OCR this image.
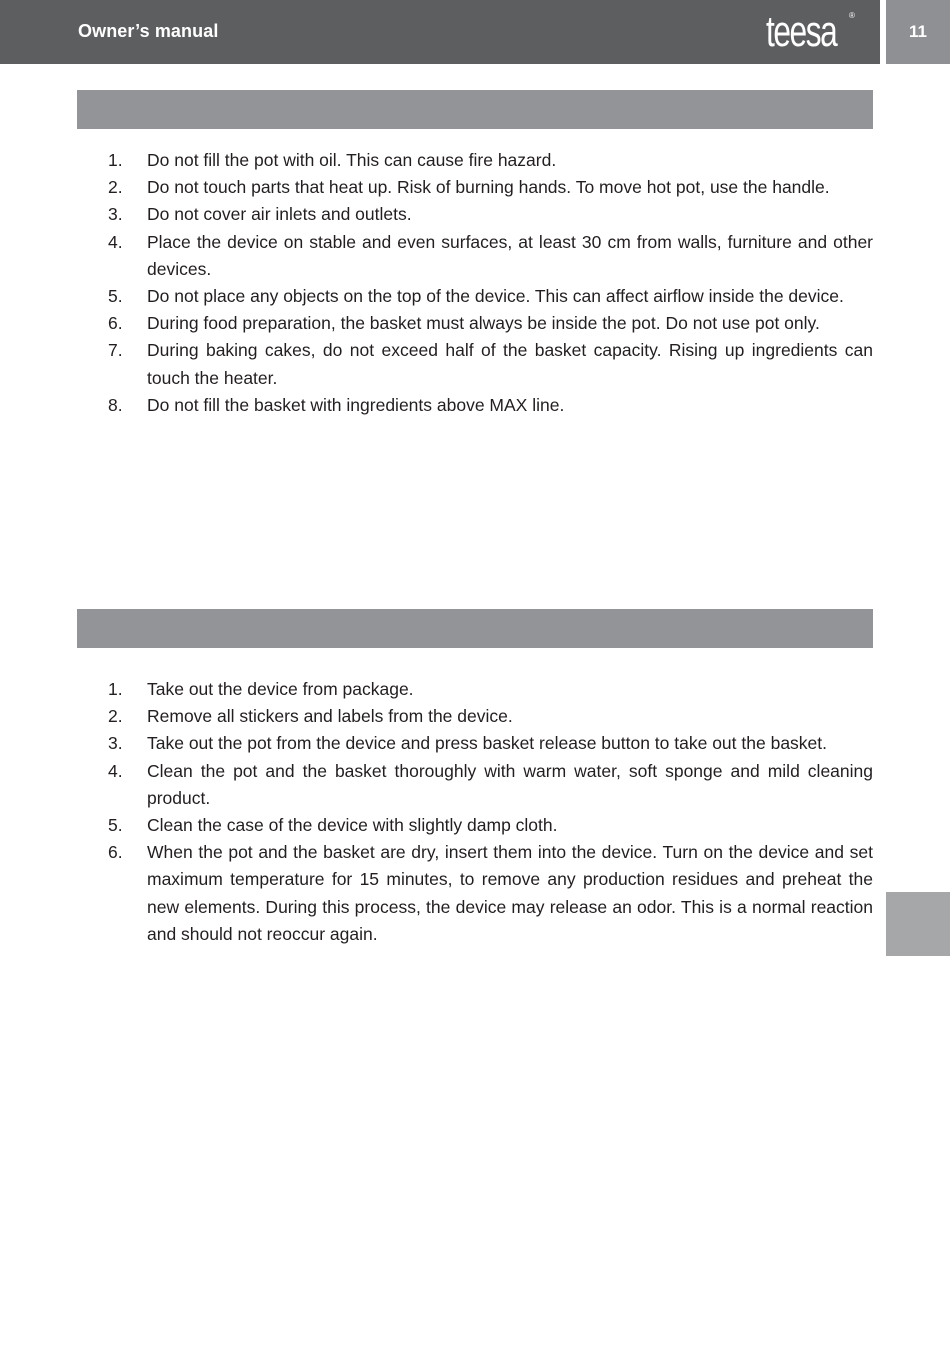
Owner’s manual	teesa ®
11
1.	Do not fill the pot with oil. This can cause fire hazard.
2.	Do not touch parts that heat up. Risk of burning hands. To move hot pot, use the handle.
3.	Do not cover air inlets and outlets.
4.	Place the device on stable and even surfaces, at least 30 cm from walls, furniture and other devices.
5.	Do not place any objects on the top of the device. This can affect airflow inside the device.
6.	During food preparation, the basket must always be inside the pot. Do not use pot only.
7.	During baking cakes, do not exceed half of the basket capacity. Rising up ingredients can touch the heater.
8.	Do not fill the basket with ingredients above MAX line.
1.	Take out the device from package.
2.	Remove all stickers and labels from the device.
3.	Take out the pot from the device and press basket release button to take out the basket.
4.	Clean the pot and the basket thoroughly with warm water, soft sponge and mild cleaning product.
5.	Clean the case of the device with slightly damp cloth.
6.	When the pot and the basket are dry, insert them into the device. Turn on the device and set maximum temperature for 15 minutes, to remove any production residues and preheat the new elements. During this process, the device may release an odor. This is a normal reaction and should not reoccur again.
